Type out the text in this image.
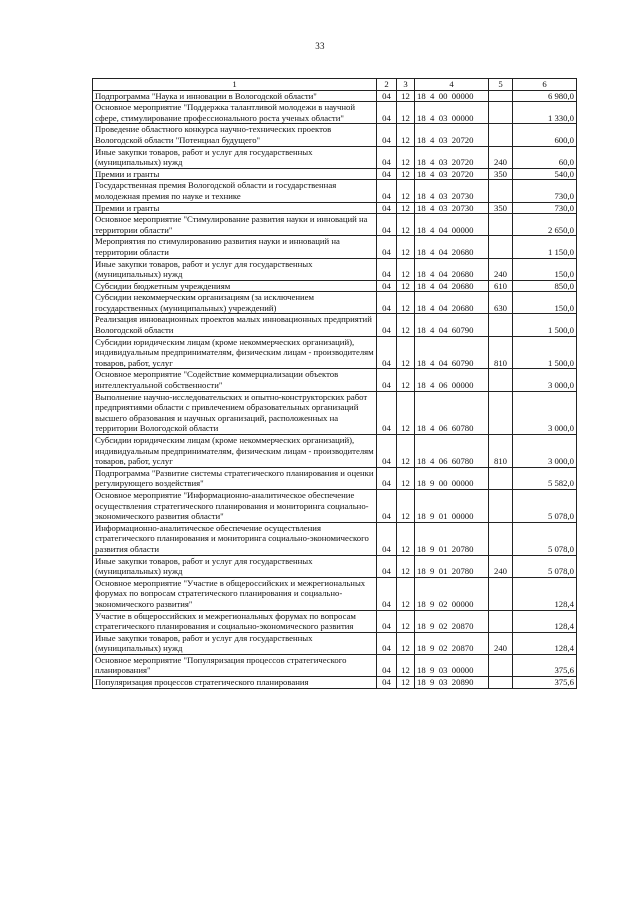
33
1	2	3	4	5	6
Подпрограмма "Наука и инновации в Вологодской области"	04	12	18  4  00  00000		6 980,0
Основное мероприятие "Поддержка талантливой молодежи в научной сфере, стимулирование профессионального роста ученых области"	04	12	18  4  03  00000		1 330,0
Проведение областного конкурса научно-технических проектов Вологодской области "Потенциал будущего"	04	12	18  4  03  20720		600,0
Иные закупки товаров, работ и услуг для государственных (муниципальных) нужд	04	12	18  4  03  20720	240	60,0
Премии и гранты	04	12	18  4  03  20720	350	540,0
Государственная премия Вологодской области и государственная молодежная премия по науке и технике	04	12	18  4  03  20730		730,0
Премии и гранты	04	12	18  4  03  20730	350	730,0
Основное мероприятие "Стимулирование развития науки и инноваций на территории области"	04	12	18  4  04  00000		2 650,0
Мероприятия по стимулированию развития науки и инноваций на территории области	04	12	18  4  04  20680		1 150,0
Иные закупки товаров, работ и услуг для государственных (муниципальных) нужд	04	12	18  4  04  20680	240	150,0
Субсидии бюджетным учреждениям	04	12	18  4  04  20680	610	850,0
Субсидии некоммерческим организациям (за исключением государственных (муниципальных) учреждений)	04	12	18  4  04  20680	630	150,0
Реализация инновационных проектов малых инновационных предприятий Вологодской области	04	12	18  4  04  60790		1 500,0
Субсидии юридическим лицам (кроме некоммерческих организаций), индивидуальным предпринимателям, физическим лицам - производителям товаров, работ, услуг	04	12	18  4  04  60790	810	1 500,0
Основное мероприятие "Содействие коммерциализации объектов интеллектуальной собственности"	04	12	18  4  06  00000		3 000,0
Выполнение научно-исследовательских и опытно-конструкторских работ предприятиями области с привлечением образовательных организаций высшего образования и научных организаций, расположенных на территории Вологодской области	04	12	18  4  06  60780		3 000,0
Субсидии юридическим лицам (кроме некоммерческих организаций), индивидуальным предпринимателям, физическим лицам - производителям товаров, работ, услуг	04	12	18  4  06  60780	810	3 000,0
Подпрограмма "Развитие системы стратегического планирования и оценки регулирующего воздействия"	04	12	18  9  00  00000		5 582,0
Основное мероприятие "Информационно-аналитическое обеспечение осуществления стратегического планирования и мониторинга социально-экономического развития области"	04	12	18  9  01  00000		5 078,0
Информационно-аналитическое обеспечение осуществления стратегического планирования и мониторинга социально-экономического развития области	04	12	18  9  01  20780		5 078,0
Иные закупки товаров, работ и услуг для государственных (муниципальных) нужд	04	12	18  9  01  20780	240	5 078,0
Основное мероприятие "Участие в общероссийских и межрегиональных форумах по вопросам стратегического планирования и социально-экономического развития"	04	12	18  9  02  00000		128,4
Участие в общероссийских и межрегиональных форумах по вопросам стратегического планирования и социально-экономического развития	04	12	18  9  02  20870		128,4
Иные закупки товаров, работ и услуг для государственных (муниципальных) нужд	04	12	18  9  02  20870	240	128,4
Основное мероприятие "Популяризация процессов стратегического планирования"	04	12	18  9  03  00000		375,6
Популяризация процессов стратегического планирования	04	12	18  9  03  20890		375,6
